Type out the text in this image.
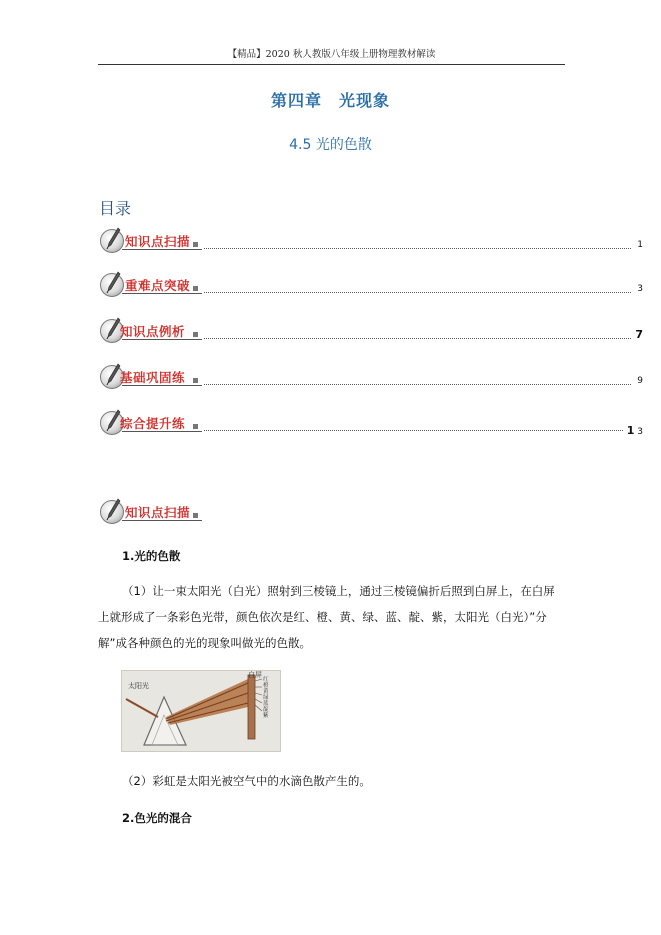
【精品】2020 秋人教版八年级上册物理教材解读
第四章　光现象
4.5 光的色散
目录
知识点扫描	1
重难点突破	3
知识点例析	7
基础巩固练	9
综合提升练	1 3
知识点扫描
1.光的色散
（1）让一束太阳光（白光）照射到三棱镜上，通过三棱镜偏折后照到白屏上，在白屏上就形成了一条彩色光带，颜色依次是红、橙、黄、绿、蓝、靛、紫，太阳光（白光）”分解”成各种颜色的光的现象叫做光的色散。
太阳光
白屏
红
橙
黄
绿
蓝
靛
紫
（2）彩虹是太阳光被空气中的水滴色散产生的。
2.色光的混合
